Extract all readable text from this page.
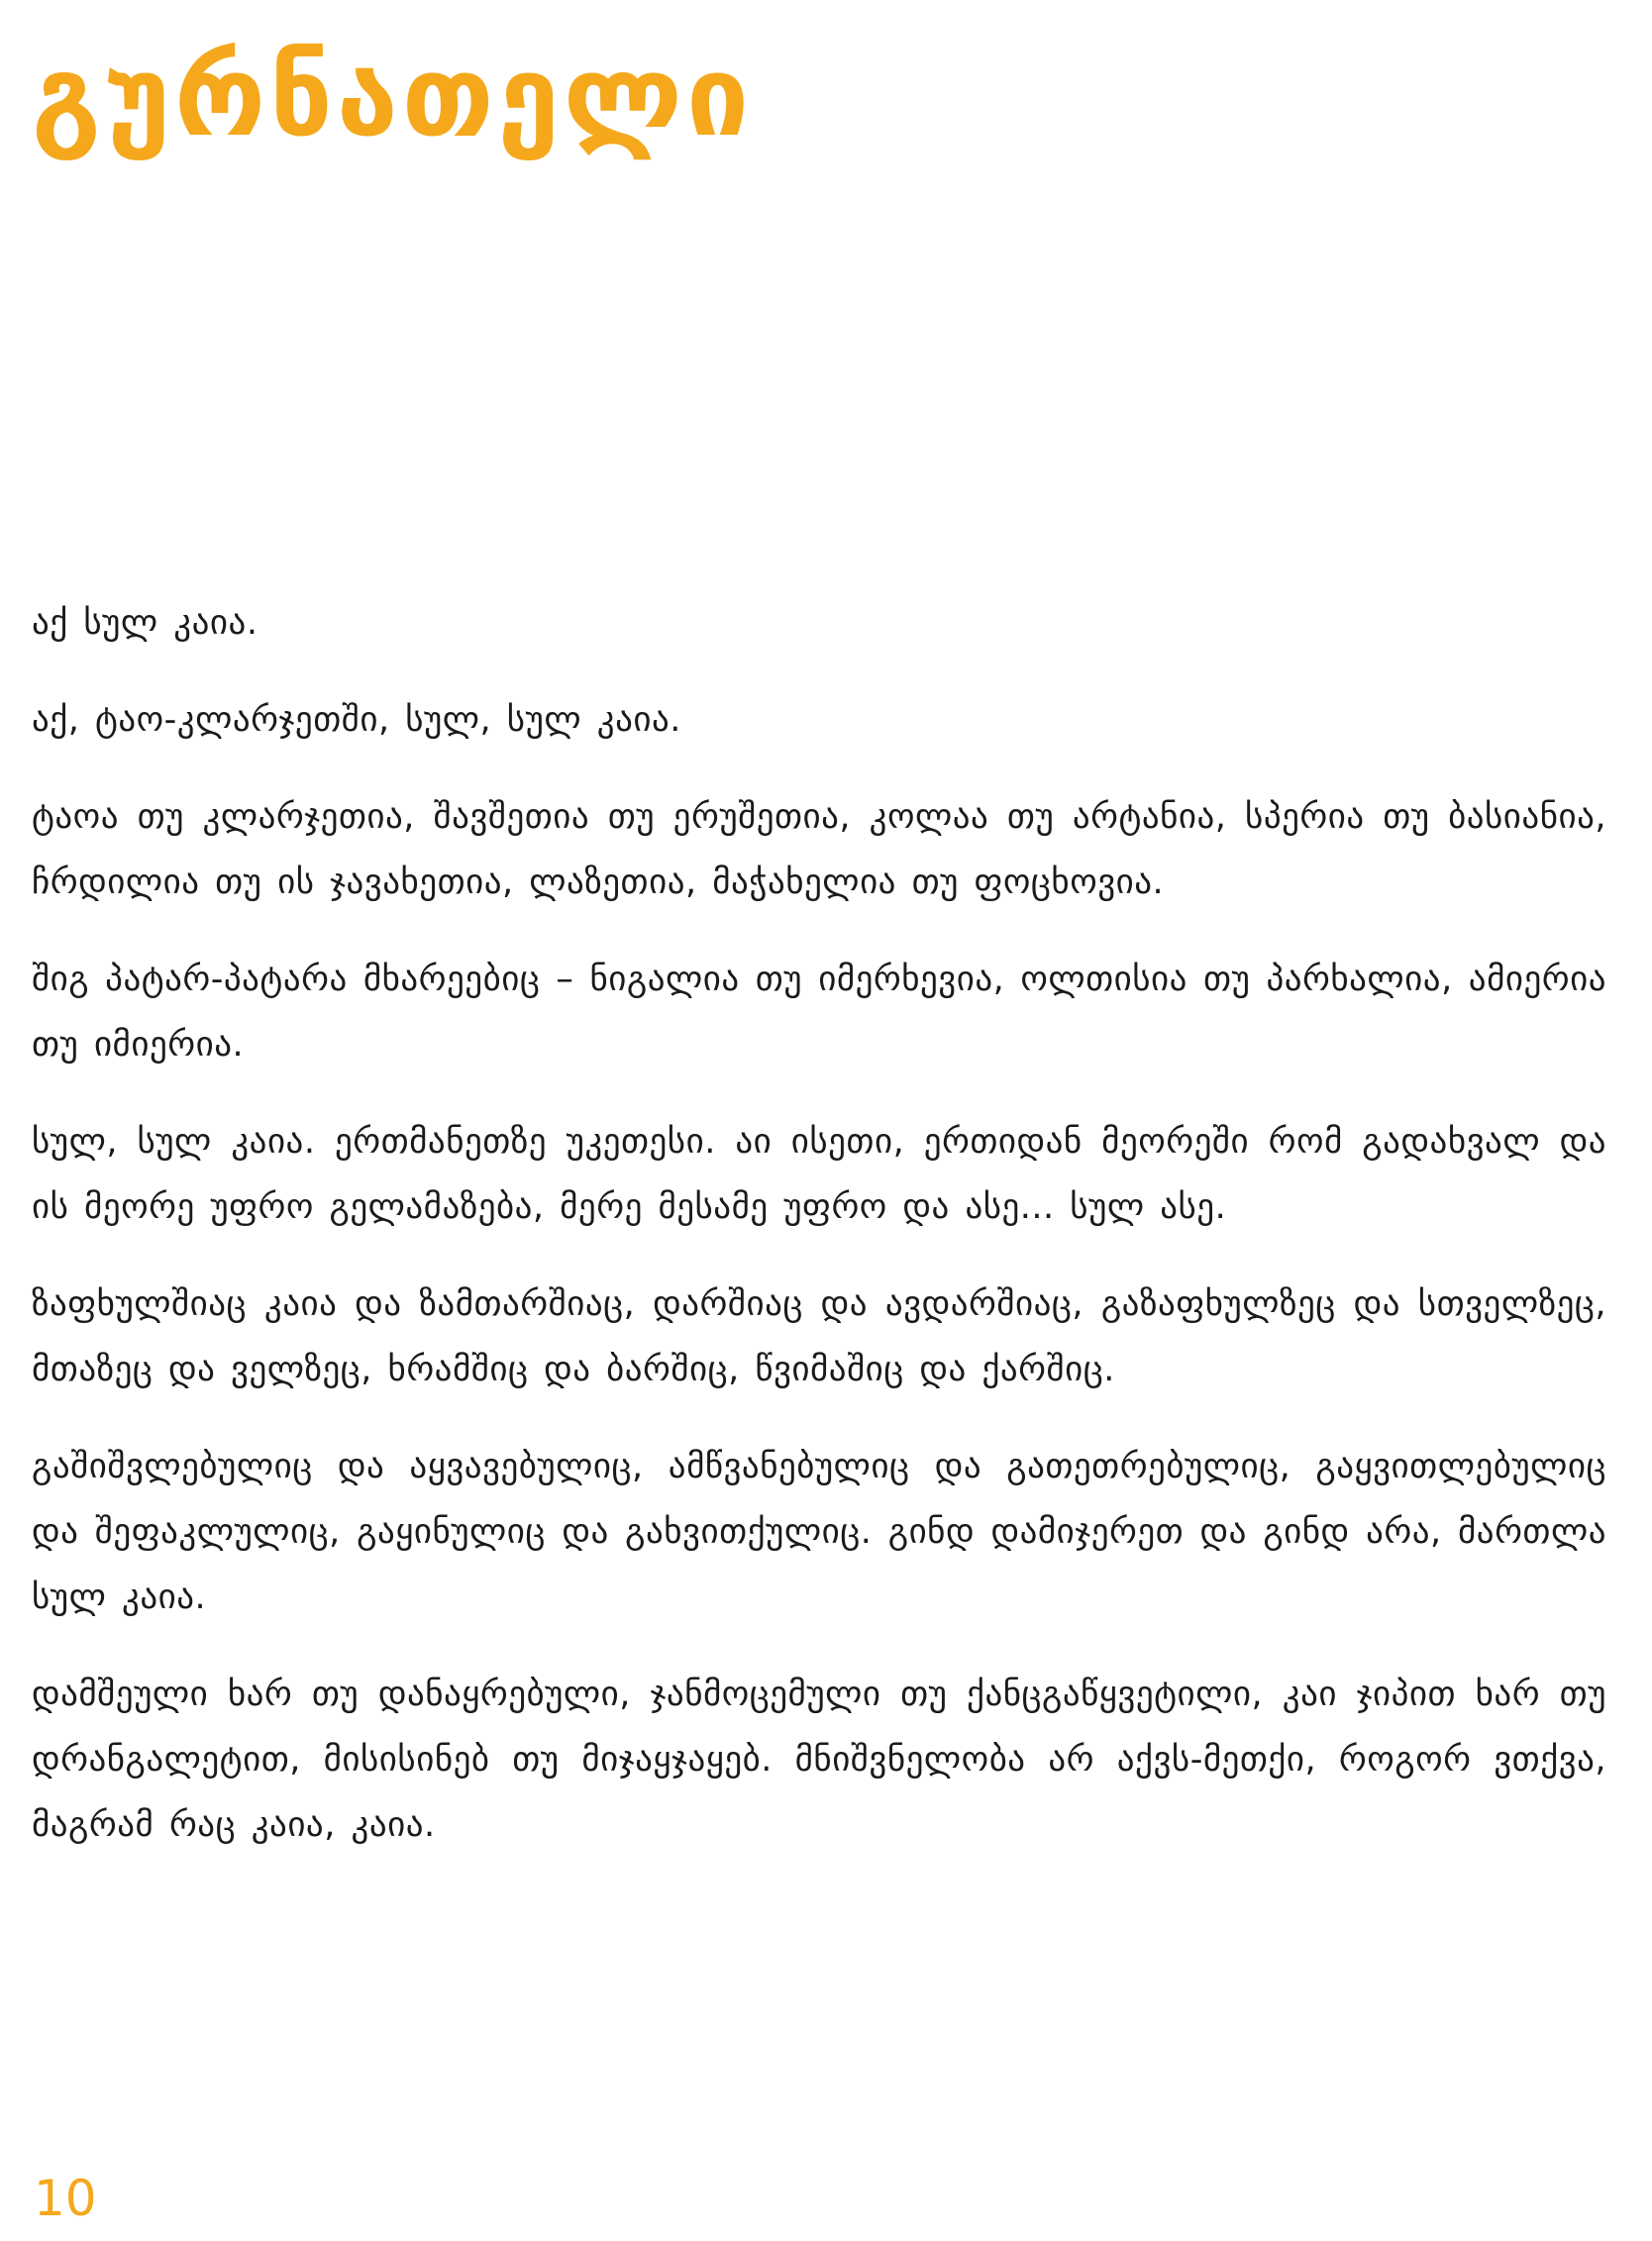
გურნათელი

აქ სულ კაია.

აქ, ტაო-კლარჯეთში, სულ, სულ კაია.

ტაოა თუ კლარჯეთია, შავშეთია თუ ერუშეთია, კოლაა თუ არტანია, სპერია თუ ბასიანია, ჩრდილია თუ ის ჯავახეთია, ლაზეთია, მაჭახელია თუ ფოცხოვია.

შიგ პატარ-პატარა მხარეებიც – ნიგალია თუ იმერხევია, ოლთისია თუ პარხალია, ამიერია თუ იმიერია.

სულ, სულ კაია. ერთმანეთზე უკეთესი. აი ისეთი, ერთიდან მეორეში რომ გადახვალ და ის მეორე უფრო გელამაზება, მერე მესამე უფრო და ასე... სულ ასე.

ზაფხულშიაც კაია და ზამთარშიაც, დარშიაც და ავდარშიაც, გაზაფხულზეც და სთველზეც, მთაზეც და ველზეც, ხრამშიც და ბარშიც, წვიმაშიც და ქარშიც.

გაშიშვლებულიც და აყვავებულიც, ამწვანებულიც და გათეთრებულიც, გაყვითლებულიც და შეფაკლულიც, გაყინულიც და გახვითქულიც. გინდ დამიჯერეთ და გინდ არა, მართლა სულ კაია.

დამშეული ხარ თუ დანაყრებული, ჯანმოცემული თუ ქანცგაწყვეტილი, კაი ჯიპით ხარ თუ დრანგალეტით, მისისინებ თუ მიჯაყჯაყებ. მნიშვნელობა არ აქვს-მეთქი, როგორ ვთქვა, მაგრამ რაც კაია, კაია.

10
